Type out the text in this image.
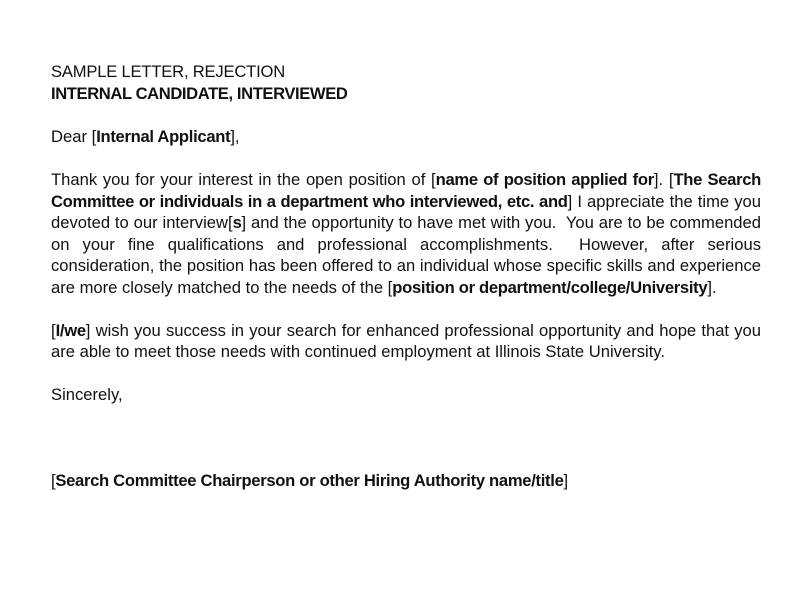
SAMPLE LETTER, REJECTION
INTERNAL CANDIDATE, INTERVIEWED

Dear [Internal Applicant],

Thank you for your interest in the open position of [name of position applied for]. [The Search Committee or individuals in a department who interviewed, etc. and] I appreciate the time you devoted to our interview[s] and the opportunity to have met with you.  You are to be commended on your fine qualifications and professional accomplishments.  However, after serious consideration, the position has been offered to an individual whose specific skills and experience are more closely matched to the needs of the [position or department/college/University].

[I/we] wish you success in your search for enhanced professional opportunity and hope that you are able to meet those needs with continued employment at Illinois State University.

Sincerely,

[Search Committee Chairperson or other Hiring Authority name/title]
